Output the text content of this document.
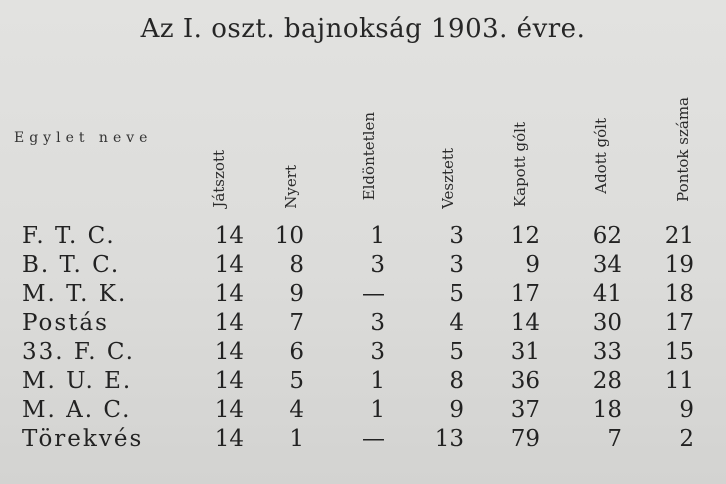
Az I. oszt. bajnokság 1903. évre.
Egylet neve
Játszott	Nyert	Eldöntetlen	Vesztett	Kapott gólt	Adott gólt	Pontok száma
F. T. C.	14	10	1	3	12	62	21
B. T. C.	14	8	3	3	9	34	19
M. T. K.	14	9	—	5	17	41	18
Postás	14	7	3	4	14	30	17
33. F. C.	14	6	3	5	31	33	15
M. U. E.	14	5	1	8	36	28	11
M. A. C.	14	4	1	9	37	18	9
Törekvés	14	1	—	13	79	7	2
